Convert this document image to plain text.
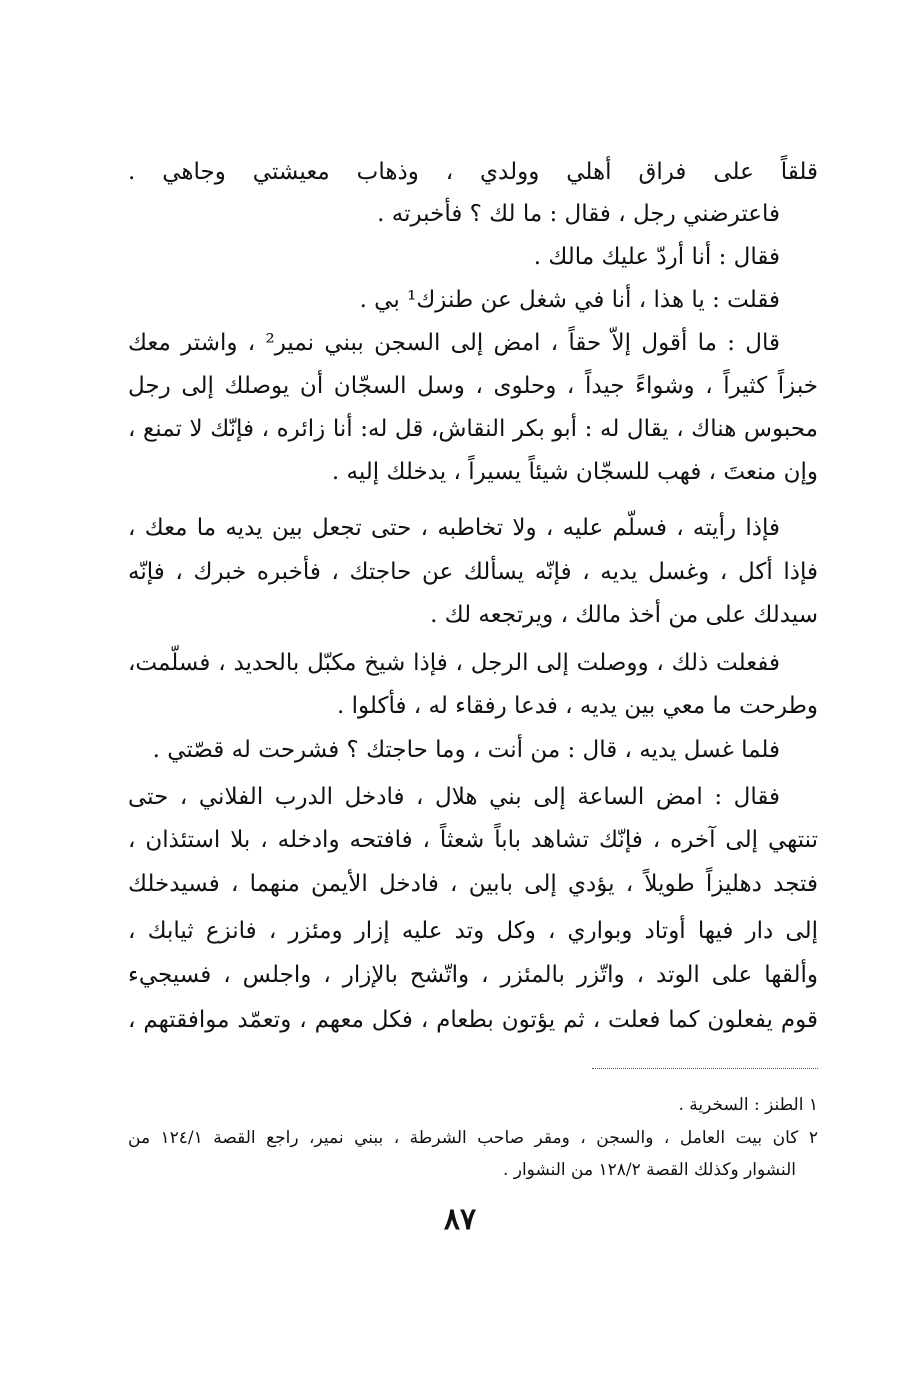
قلقاً على فراق أهلي وولدي ، وذهاب معيشتي وجاهي .
فاعترضني رجل ، فقال : ما لك ؟ فأخبرته .
فقال : أنا أردّ عليك مالك .
فقلت : يا هذا ، أنا في شغل عن طنزك¹ بي .
قال : ما أقول إلاّ حقاً ، امض إلى السجن ببني نمير² ، واشتر معك
خبزاً كثيراً ، وشواءً جيداً ، وحلوى ، وسل السجّان أن يوصلك إلى رجل
محبوس هناك ، يقال له : أبو بكر النقاش، قل له: أنا زائره ، فإنّك لا تمنع ،
وإن منعتَ ، فهب للسجّان شيئاً يسيراً ، يدخلك إليه .
فإذا رأيته ، فسلّم عليه ، ولا تخاطبه ، حتى تجعل بين يديه ما معك ،
فإذا أكل ، وغسل يديه ، فإنّه يسألك عن حاجتك ، فأخبره خبرك ، فإنّه
سيدلك على من أخذ مالك ، ويرتجعه لك .
ففعلت ذلك ، ووصلت إلى الرجل ، فإذا شيخ مكبّل بالحديد ، فسلّمت،
وطرحت ما معي بين يديه ، فدعا رفقاء له ، فأكلوا .
فلما غسل يديه ، قال : من أنت ، وما حاجتك ؟ فشرحت له قصّتي .
فقال : امض الساعة إلى بني هلال ، فادخل الدرب الفلاني ، حتى
تنتهي إلى آخره ، فإنّك تشاهد باباً شعثاً ، فافتحه وادخله ، بلا استئذان ،
فتجد دهليزاً طويلاً ، يؤدي إلى بابين ، فادخل الأيمن منهما ، فسيدخلك
إلى دار فيها أوتاد وبواري ، وكل وتد عليه إزار ومئزر ، فانزع ثيابك ،
وألقها على الوتد ، واتّزر بالمئزر ، واتّشح بالإزار ، واجلس ، فسيجيء
قوم يفعلون كما فعلت ، ثم يؤتون بطعام ، فكل معهم ، وتعمّد موافقتهم ،
١ الطنز : السخرية .
٢ كان بيت العامل ، والسجن ، ومقر صاحب الشرطة ، ببني نمير، راجع القصة ١٢٤/١ من
النشوار وكذلك القصة ١٢٨/٢ من النشوار .
٨٧
